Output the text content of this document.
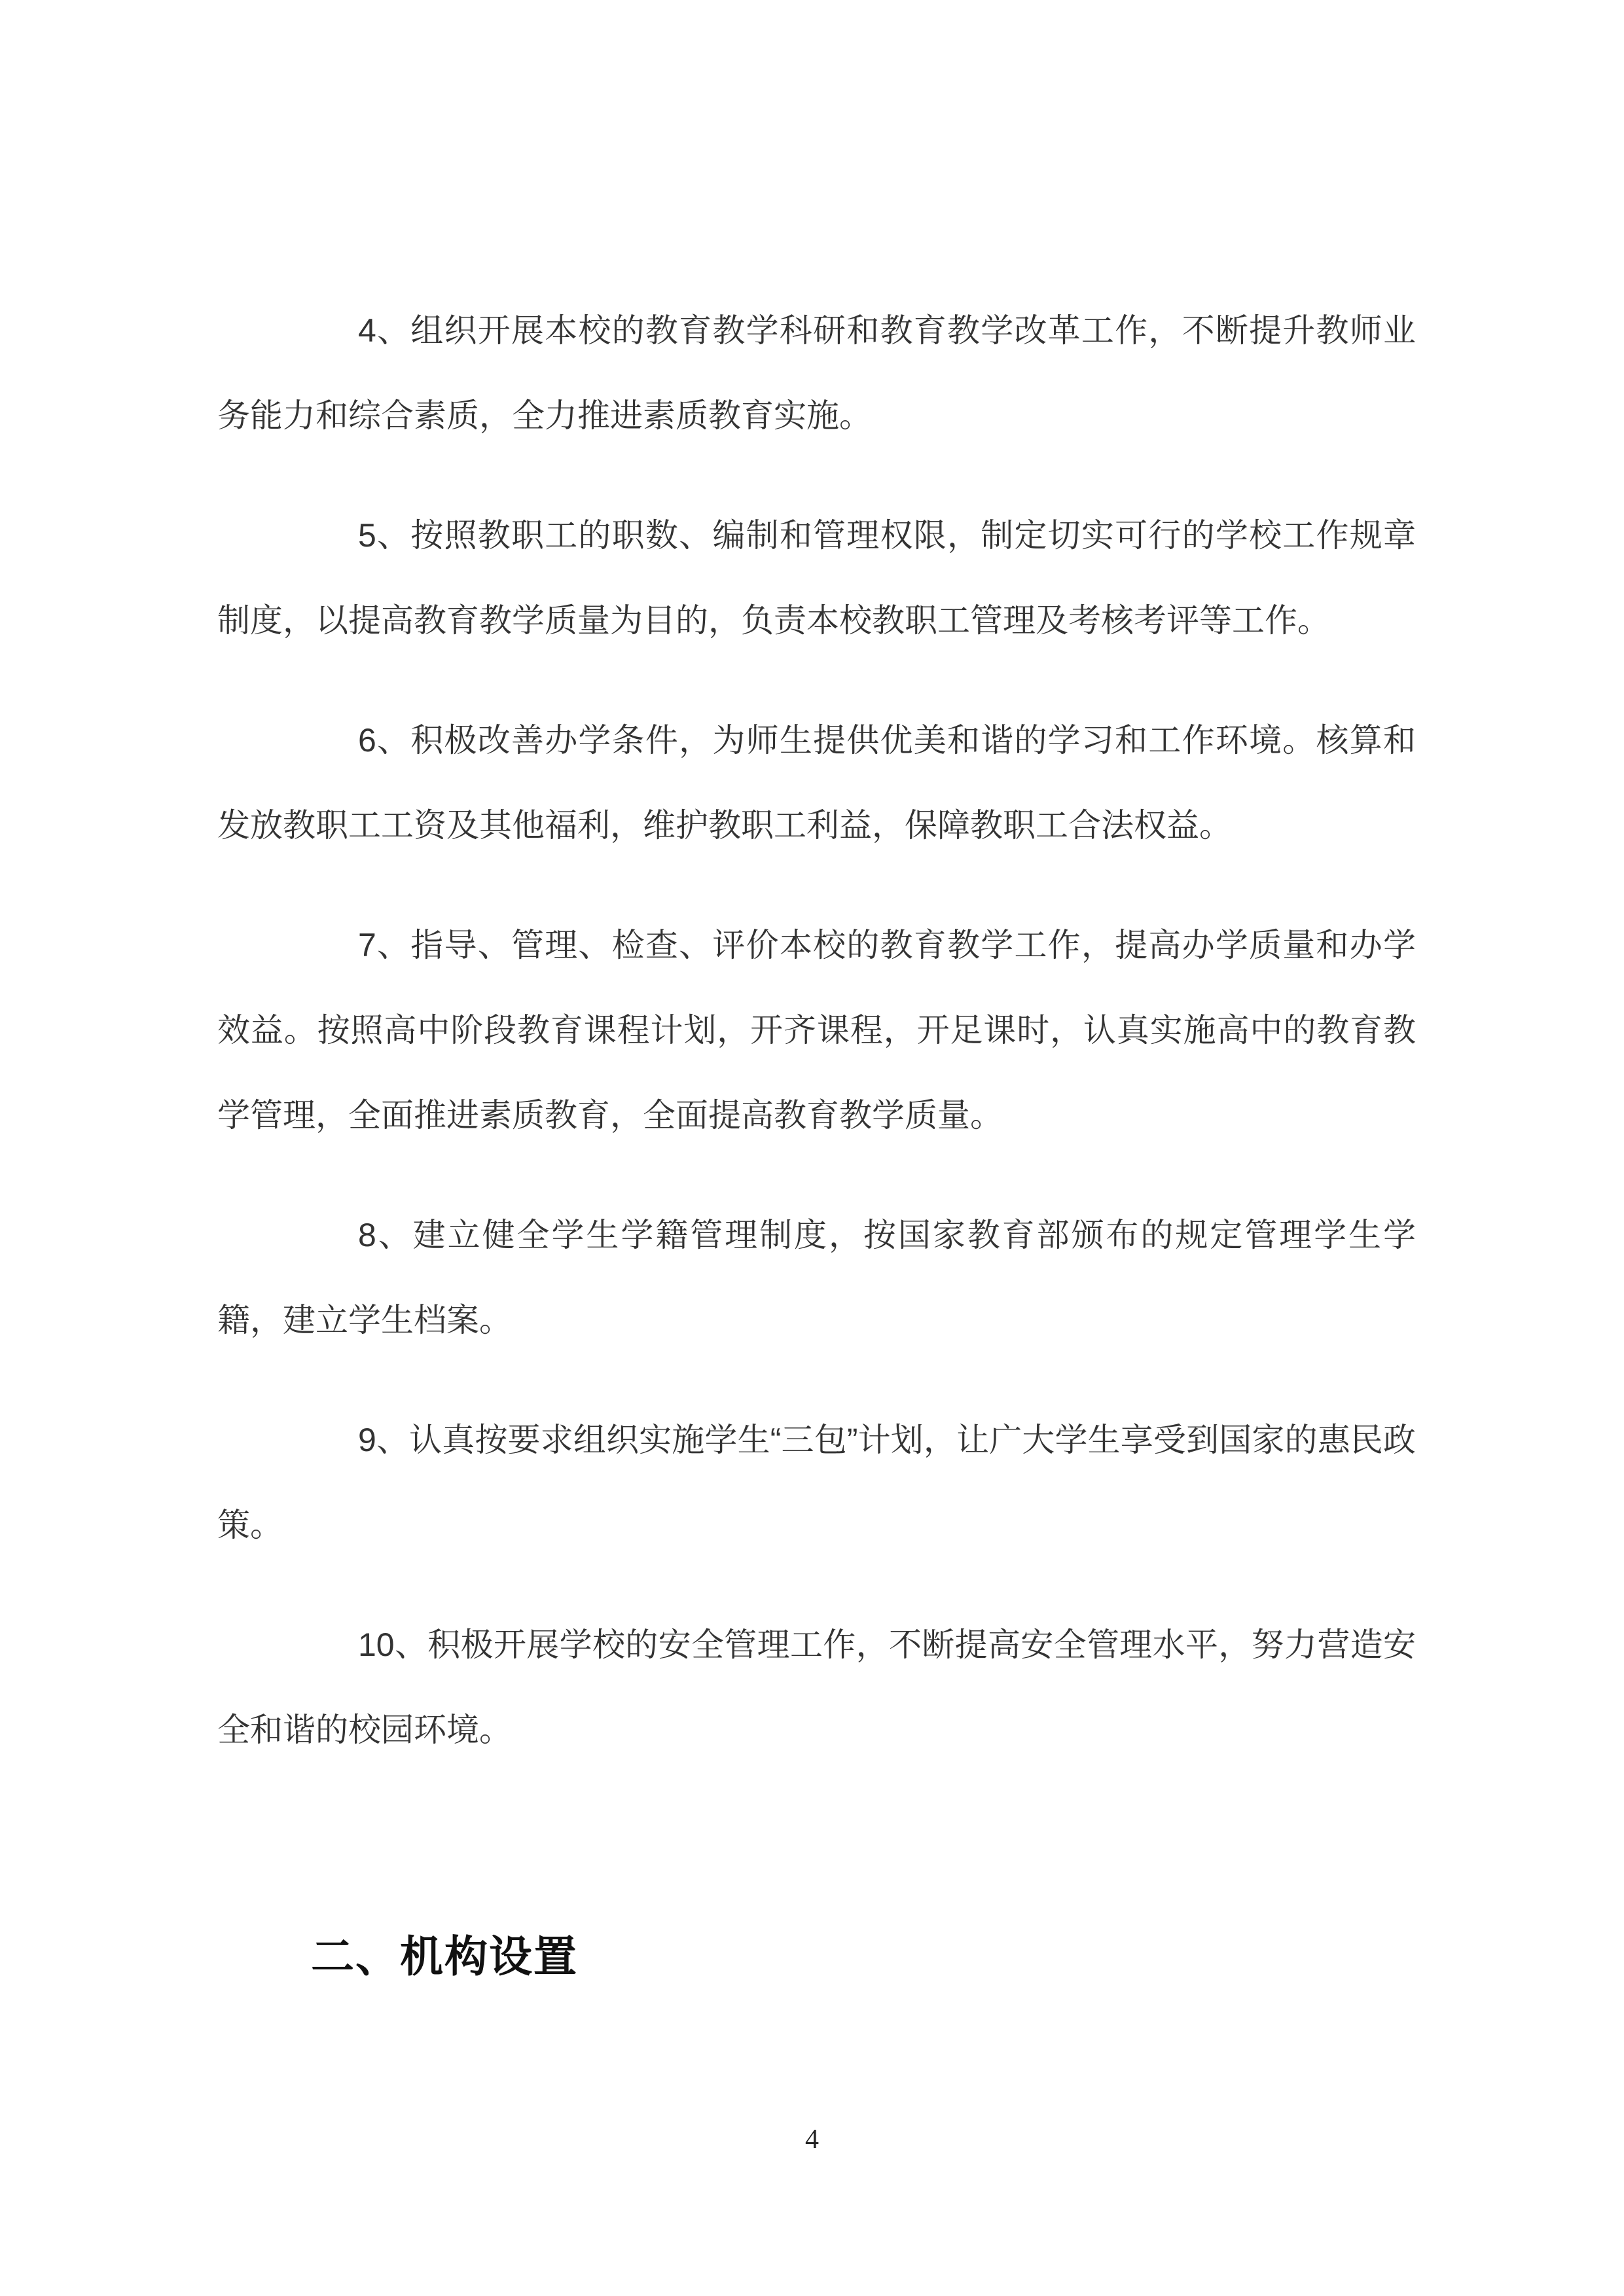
4、组织开展本校的教育教学科研和教育教学改革工作，不断提升教师业务能力和综合素质，全力推进素质教育实施。

5、按照教职工的职数、编制和管理权限，制定切实可行的学校工作规章制度，以提高教育教学质量为目的，负责本校教职工管理及考核考评等工作。

6、积极改善办学条件，为师生提供优美和谐的学习和工作环境。核算和发放教职工工资及其他福利，维护教职工利益，保障教职工合法权益。

7、指导、管理、检查、评价本校的教育教学工作，提高办学质量和办学效益。按照高中阶段教育课程计划，开齐课程，开足课时，认真实施高中的教育教学管理，全面推进素质教育，全面提高教育教学质量。

8、建立健全学生学籍管理制度，按国家教育部颁布的规定管理学生学籍，建立学生档案。

9、认真按要求组织实施学生“三包”计划，让广大学生享受到国家的惠民政策。

10、积极开展学校的安全管理工作，不断提高安全管理水平，努力营造安全和谐的校园环境。

二、机构设置
4
